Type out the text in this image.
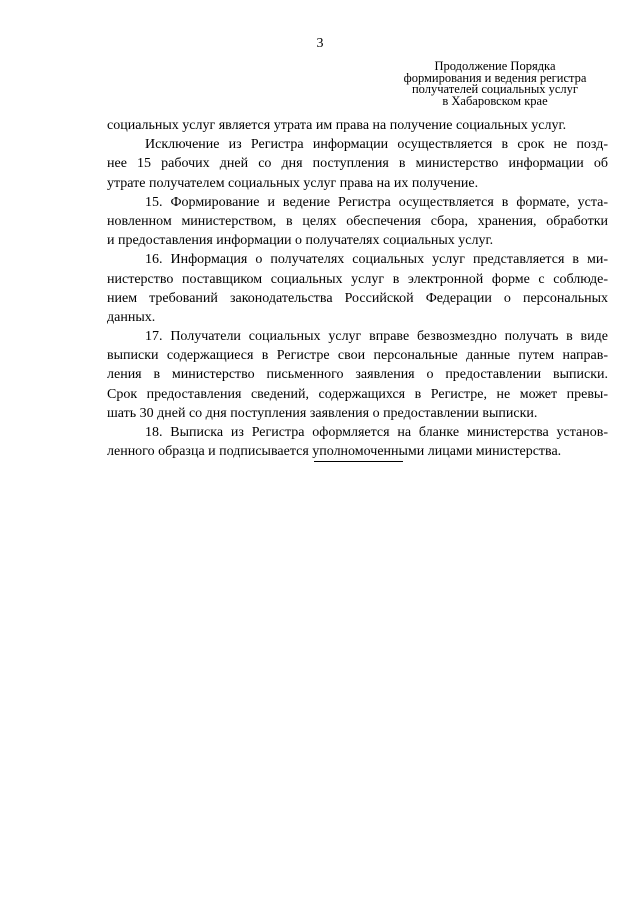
3
Продолжение Порядка
формирования и ведения регистра
получателей социальных услуг
в Хабаровском крае
социальных услуг является утрата им права на получение социальных услуг.
Исключение из Регистра информации осуществляется в срок не позд-
нее 15 рабочих дней со дня поступления в министерство информации об
утрате получателем социальных услуг права на их получение.
15. Формирование и ведение Регистра осуществляется в формате, уста-
новленном министерством, в целях обеспечения сбора, хранения, обработки
и предоставления информации о получателях социальных услуг.
16. Информация о получателях социальных услуг представляется в ми-
нистерство поставщиком социальных услуг в электронной форме с соблюде-
нием требований законодательства Российской Федерации о персональных
данных.
17. Получатели социальных услуг вправе безвозмездно получать в виде
выписки содержащиеся в Регистре свои персональные данные путем направ-
ления в министерство письменного заявления о предоставлении выписки.
Срок предоставления сведений, содержащихся в Регистре, не может превы-
шать 30 дней со дня поступления заявления о предоставлении выписки.
18. Выписка из Регистра оформляется на бланке министерства установ-
ленного образца и подписывается уполномоченными лицами министерства.
